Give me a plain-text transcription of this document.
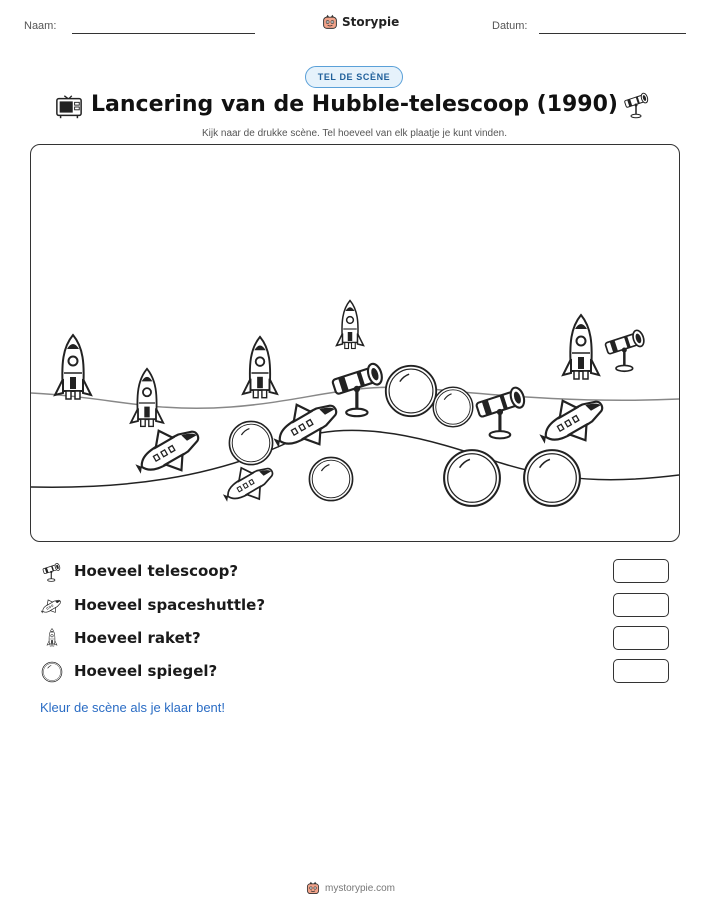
Naam:	Storypie	Datum:
TEL DE SCÈNE
Lancering van de Hubble-telescoop (1990)
Kijk naar de drukke scène. Tel hoeveel van elk plaatje je kunt vinden.
Hoeveel telescoop?
Hoeveel spaceshuttle?
Hoeveel raket?
Hoeveel spiegel?
Kleur de scène als je klaar bent!
mystorypie.com
